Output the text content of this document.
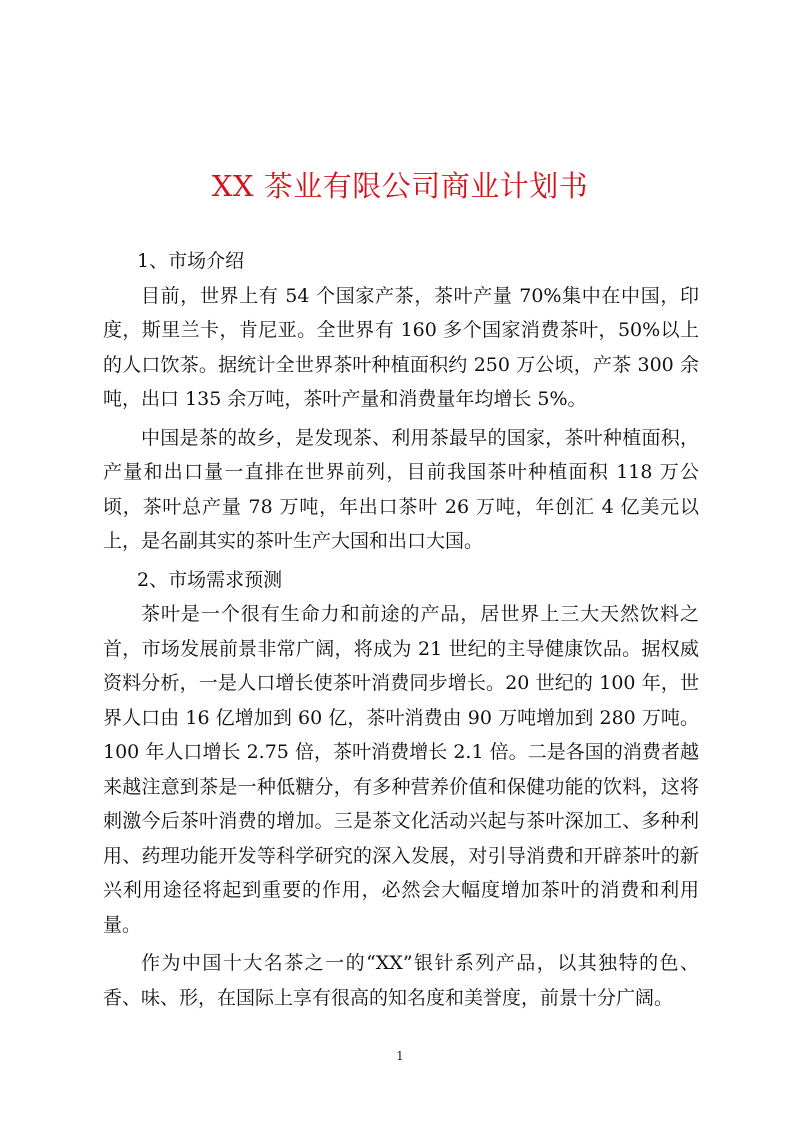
XX 茶业有限公司商业计划书

1、市场介绍

目前，世界上有 54 个国家产茶，茶叶产量 70%集中在中国，印度，斯里兰卡，肯尼亚。全世界有 160 多个国家消费茶叶，50%以上的人口饮茶。据统计全世界茶叶种植面积约 250 万公顷，产茶 300 余吨，出口 135 余万吨，茶叶产量和消费量年均增长 5%。

中国是茶的故乡，是发现茶、利用茶最早的国家，茶叶种植面积，产量和出口量一直排在世界前列，目前我国茶叶种植面积 118 万公顷，茶叶总产量 78 万吨，年出口茶叶 26 万吨，年创汇 4 亿美元以上，是名副其实的茶叶生产大国和出口大国。

2、市场需求预测

茶叶是一个很有生命力和前途的产品，居世界上三大天然饮料之首，市场发展前景非常广阔，将成为 21 世纪的主导健康饮品。据权威资料分析，一是人口增长使茶叶消费同步增长。20 世纪的 100 年，世界人口由 16 亿增加到 60 亿，茶叶消费由 90 万吨增加到 280 万吨。100 年人口增长 2.75 倍，茶叶消费增长 2.1 倍。二是各国的消费者越来越注意到茶是一种低糖分，有多种营养价值和保健功能的饮料，这将刺激今后茶叶消费的增加。三是茶文化活动兴起与茶叶深加工、多种利用、药理功能开发等科学研究的深入发展，对引导消费和开辟茶叶的新兴利用途径将起到重要的作用，必然会大幅度增加茶叶的消费和利用量。

作为中国十大名茶之一的“XX”银针系列产品，以其独特的色、香、味、形，在国际上享有很高的知名度和美誉度，前景十分广阔。

1
